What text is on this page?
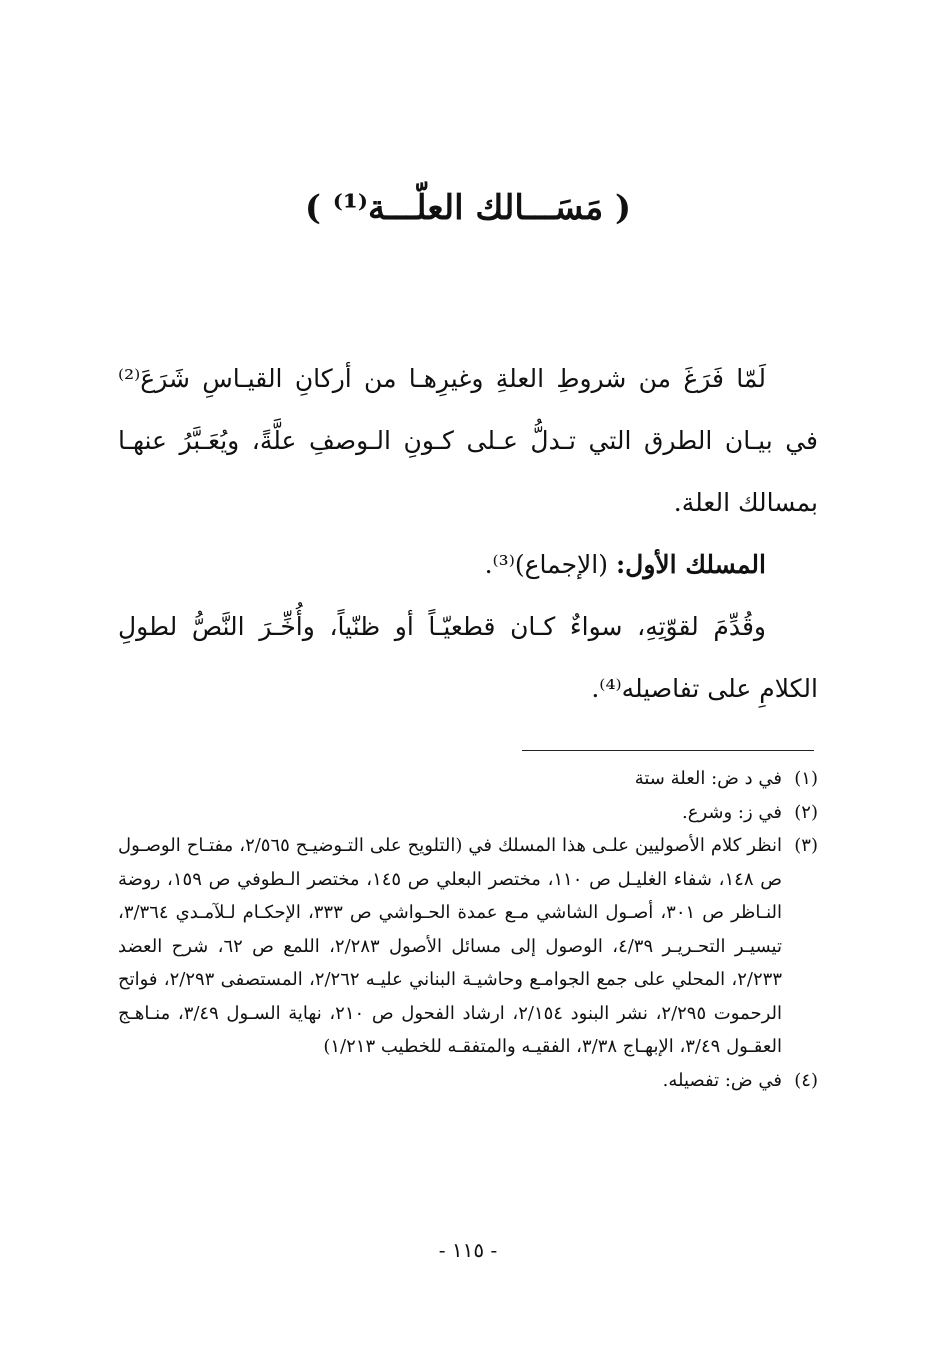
( مَسَـــالك العلّـــة⁽¹⁾ )

لَمّا فَرَغَ من شروطِ العلةِ وغيرِهـا من أركانِ القيـاسِ شَرَعَ⁽²⁾ في بيـان الطرق التي تـدلُّ عـلى كـونِ الـوصفِ علَّةً، ويُعَـبَّرُ عنهـا بمسالك العلة.

المسلك الأول: (الإجماع)⁽³⁾.

وقُدِّمَ لقوّتِهِ، سواءٌ كـان قطعيّـاً أو ظنّياً، وأُخِّـرَ النَّصُّ لطولِ الكلامِ على تفاصيله⁽⁴⁾.

(١)
في د ض: العلة ستة
(٢)
في ز: وشرع.
(٣)
انظر كلام الأصوليين علـى هذا المسلك في (التلويح على التـوضيـح ٢/٥٦٥، مفتـاح الوصـول ص ١٤٨، شفاء الغليـل ص ١١٠، مختصر البعلي ص ١٤٥، مختصر الـطوفي ص ١٥٩، روضة النـاظر ص ٣٠١، أصـول الشاشي مـع عمدة الحـواشي ص ٣٣٣، الإحكـام لـلآمـدي ٣/٣٦٤، تيسيـر التحـريـر ٤/٣٩، الوصول إلى مسائل الأصول ٢/٢٨٣، اللمع ص ٦٢، شرح العضد ٢/٢٣٣، المحلي على جمع الجوامـع وحاشيـة البناني عليـه ٢/٢٦٢، المستصفى ٢/٢٩٣، فواتح الرحموت ٢/٢٩٥، نشر البنود ٢/١٥٤، ارشاد الفحول ص ٢١٠، نهاية السـول ٣/٤٩، منـاهـج العقـول ٣/٤٩، الإبهـاج ٣/٣٨، الفقيـه والمتفقـه للخطيب ١/٢١٣)
(٤)
في ض: تفصيله.
- ١١٥ -
